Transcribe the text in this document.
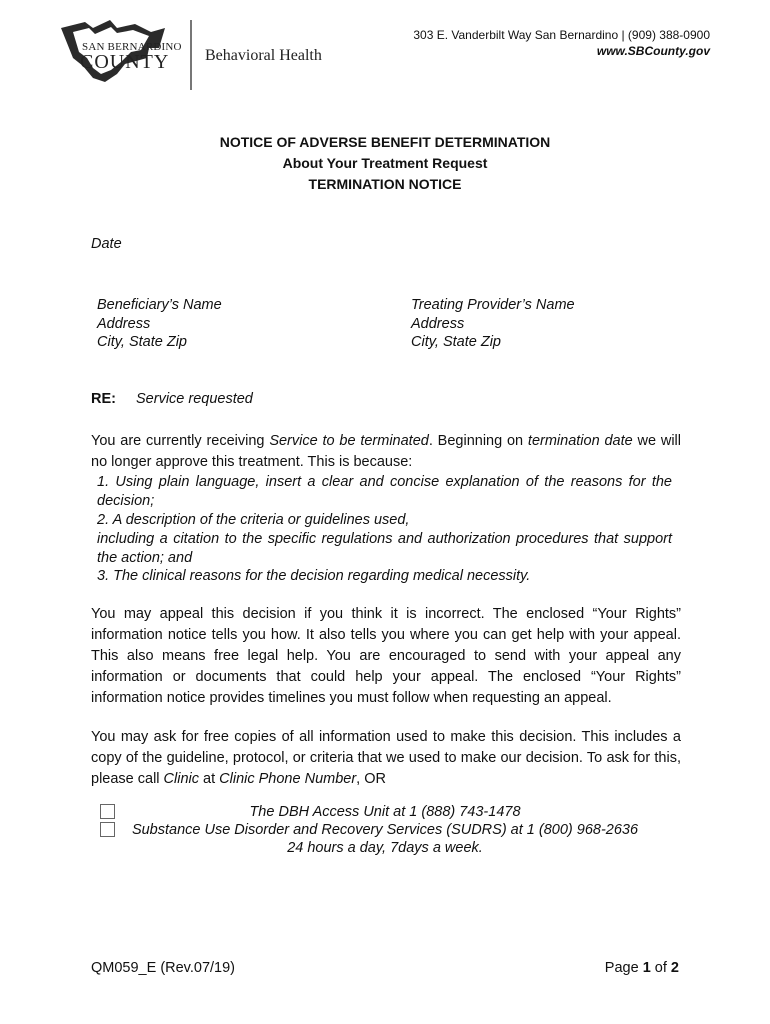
SAN BERNARDINO
COUNTY Behavioral Health
303 E. Vanderbilt Way San Bernardino | (909) 388-0900
www.SBCounty.gov
NOTICE OF ADVERSE BENEFIT DETERMINATION
About Your Treatment Request
TERMINATION NOTICE
Date
Beneficiary’s Name
Address
City, State Zip
Treating Provider’s Name
Address
City, State Zip
RE: Service requested
You are currently receiving Service to be terminated. Beginning on termination date we will no longer approve this treatment. This is because:
1. Using plain language, insert a clear and concise explanation of the reasons for the decision;
2. A description of the criteria or guidelines used,
including a citation to the specific regulations and authorization procedures that support the action; and
3. The clinical reasons for the decision regarding medical necessity.
You may appeal this decision if you think it is incorrect. The enclosed “Your Rights” information notice tells you how. It also tells you where you can get help with your appeal. This also means free legal help. You are encouraged to send with your appeal any information or documents that could help your appeal. The enclosed “Your Rights” information notice provides timelines you must follow when requesting an appeal.
You may ask for free copies of all information used to make this decision. This includes a copy of the guideline, protocol, or criteria that we used to make our decision. To ask for this, please call Clinic at Clinic Phone Number, OR
The DBH Access Unit at 1 (888) 743-1478
Substance Use Disorder and Recovery Services (SUDRS) at 1 (800) 968-2636
24 hours a day, 7days a week.
QM059_E (Rev.07/19)	Page 1 of 2
